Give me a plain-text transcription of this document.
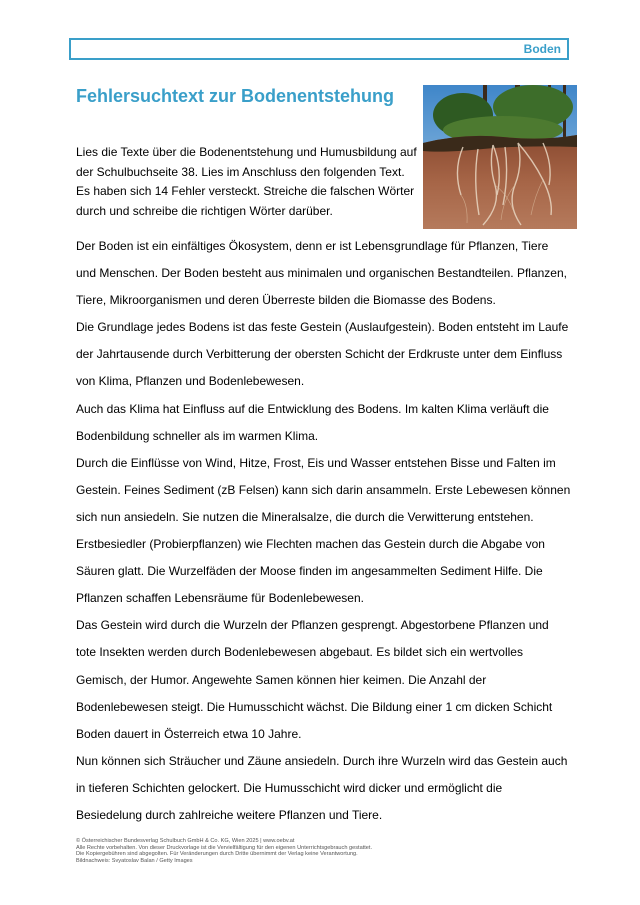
Boden
Fehlersuchtext zur Bodenentstehung

Lies die Texte über die Bodenentstehung und Humusbildung auf

der Schulbuchseite 38. Lies im Anschluss den folgenden Text.

Es haben sich 14 Fehler versteckt. Streiche die falschen Wörter

durch und schreibe die richtigen Wörter darüber.

Der Boden ist ein einfältiges Ökosystem, denn er ist Lebensgrundlage für Pflanzen, Tiere
und Menschen. Der Boden besteht aus minimalen und organischen Bestandteilen. Pflanzen,
Tiere, Mikroorganismen und deren Überreste bilden die Biomasse des Bodens.
Die Grundlage jedes Bodens ist das feste Gestein (Auslaufgestein). Boden entsteht im Laufe
der Jahrtausende durch Verbitterung der obersten Schicht der Erdkruste unter dem Einfluss
von Klima, Pflanzen und Bodenlebewesen.
Auch das Klima hat Einfluss auf die Entwicklung des Bodens. Im kalten Klima verläuft die
Bodenbildung schneller als im warmen Klima.
Durch die Einflüsse von Wind, Hitze, Frost, Eis und Wasser entstehen Bisse und Falten im
Gestein. Feines Sediment (zB Felsen) kann sich darin ansammeln. Erste Lebewesen können
sich nun ansiedeln. Sie nutzen die Mineralsalze, die durch die Verwitterung entstehen.
Erstbesiedler (Probierpflanzen) wie Flechten machen das Gestein durch die Abgabe von
Säuren glatt. Die Wurzelfäden der Moose finden im angesammelten Sediment Hilfe. Die
Pflanzen schaffen Lebensräume für Bodenlebewesen.
Das Gestein wird durch die Wurzeln der Pflanzen gesprengt. Abgestorbene Pflanzen und
tote Insekten werden durch Bodenlebewesen abgebaut. Es bildet sich ein wertvolles
Gemisch, der Humor. Angewehte Samen können hier keimen. Die Anzahl der
Bodenlebewesen steigt. Die Humusschicht wächst. Die Bildung einer 1 cm dicken Schicht
Boden dauert in Österreich etwa 10 Jahre.
Nun können sich Sträucher und Zäune ansiedeln. Durch ihre Wurzeln wird das Gestein auch
in tieferen Schichten gelockert. Die Humusschicht wird dicker und ermöglicht die
Besiedelung durch zahlreiche weitere Pflanzen und Tiere.
© Österreichischer Bundesverlag Schulbuch GmbH & Co. KG, Wien 2025 | www.oebv.at
Alle Rechte vorbehalten. Von dieser Druckvorlage ist die Vervielfältigung für den eigenen Unterrichtsgebrauch gestattet.
Die Kopiergebühren sind abgegolten. Für Veränderungen durch Dritte übernimmt der Verlag keine Verantwortung.
Bildnachweis: Svyatoslav Balan / Getty Images
